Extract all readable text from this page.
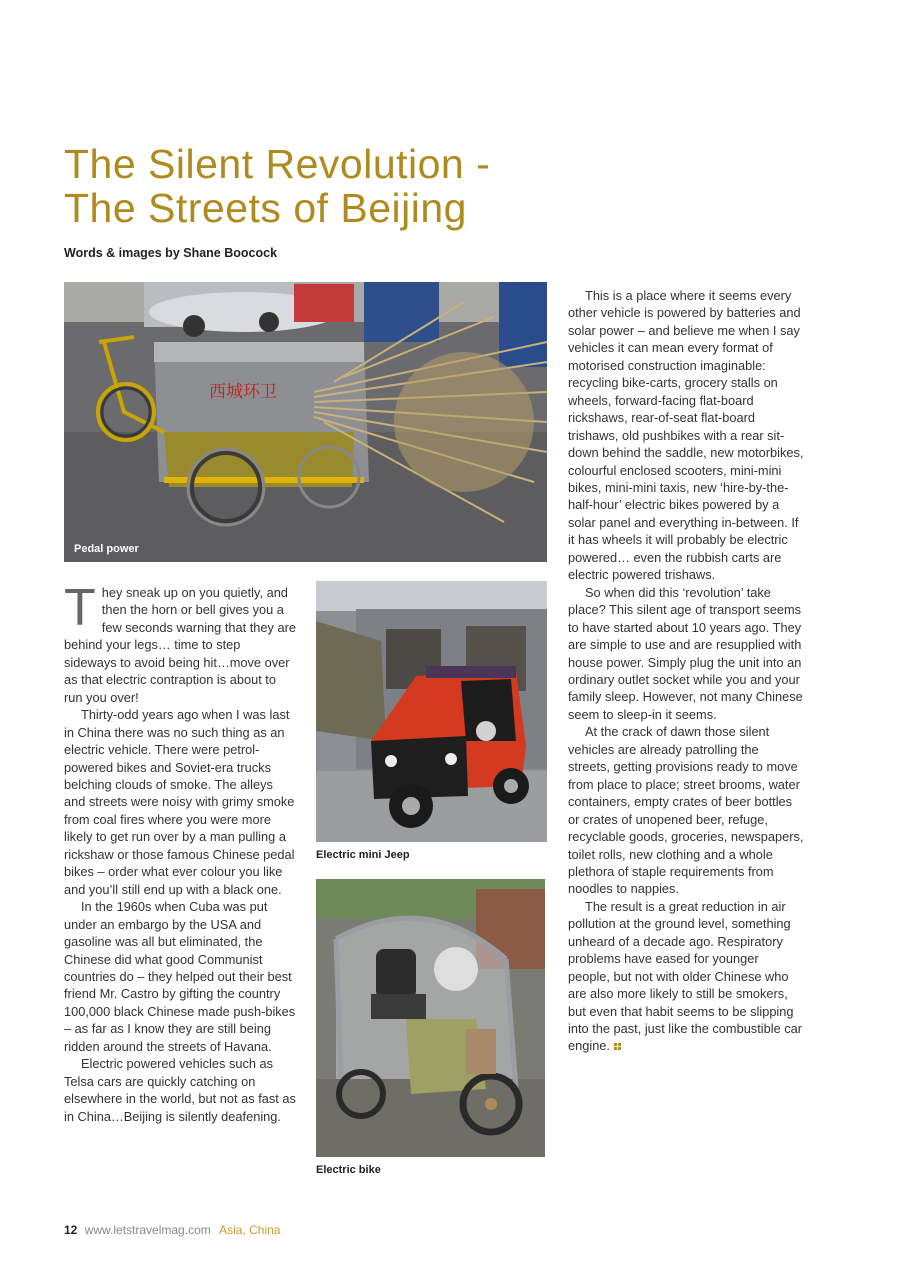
The Silent Revolution -
The Streets of Beijing
Words & images by Shane Boocock
西城环卫
Pedal power

They sneak up on you quietly, and then the horn or bell gives you a few seconds warning that they are behind your legs… time to step sideways to avoid being hit…move over as that electric contraption is about to run you over!

Thirty-odd years ago when I was last in China there was no such thing as an electric vehicle. There were petrol-powered bikes and Soviet-era trucks belching clouds of smoke. The alleys and streets were noisy with grimy smoke from coal fires where you were more likely to get run over by a man pulling a rickshaw or those famous Chinese pedal bikes – order what ever colour you like and you’ll still end up with a black one.

In the 1960s when Cuba was put under an embargo by the USA and gasoline was all but eliminated, the Chinese did what good Communist countries do – they helped out their best friend Mr. Castro by gifting the country 100,000 black Chinese made push-bikes – as far as I know they are still being ridden around the streets of Havana.

Electric powered vehicles such as Telsa cars are quickly catching on elsewhere in the world, but not as fast as in China…Beijing is silently deafening.

Electric mini Jeep
Electric bike

This is a place where it seems every other vehicle is powered by batteries and solar power – and believe me when I say vehicles it can mean every format of motorised construction imaginable: recycling bike-carts, grocery stalls on wheels, forward-facing flat-board rickshaws, rear-of-seat flat-board trishaws, old pushbikes with a rear sit-down behind the saddle, new motorbikes, colourful enclosed scooters, mini-mini bikes, mini-mini taxis, new ‘hire-by-the-half-hour’ electric bikes powered by a solar panel and everything in-between. If it has wheels it will probably be electric powered… even the rubbish carts are electric powered trishaws.

So when did this ‘revolution’ take place? This silent age of transport seems to have started about 10 years ago. They are simple to use and are resupplied with house power. Simply plug the unit into an ordinary outlet socket while you and your family sleep. However, not many Chinese seem to sleep-in it seems.

At the crack of dawn those silent vehicles are already patrolling the streets, getting provisions ready to move from place to place; street brooms, water containers, empty crates of beer bottles or crates of unopened beer, refuge, recyclable goods, groceries, newspapers, toilet rolls, new clothing and a whole plethora of staple requirements from noodles to nappies.

The result is a great reduction in air pollution at the ground level, something unheard of a decade ago. Respiratory problems have eased for younger people, but not with older Chinese who are also more likely to still be smokers, but even that habit seems to be slipping into the past, just like the combustible car engine.

12 www.letstravelmag.com Asia, China
